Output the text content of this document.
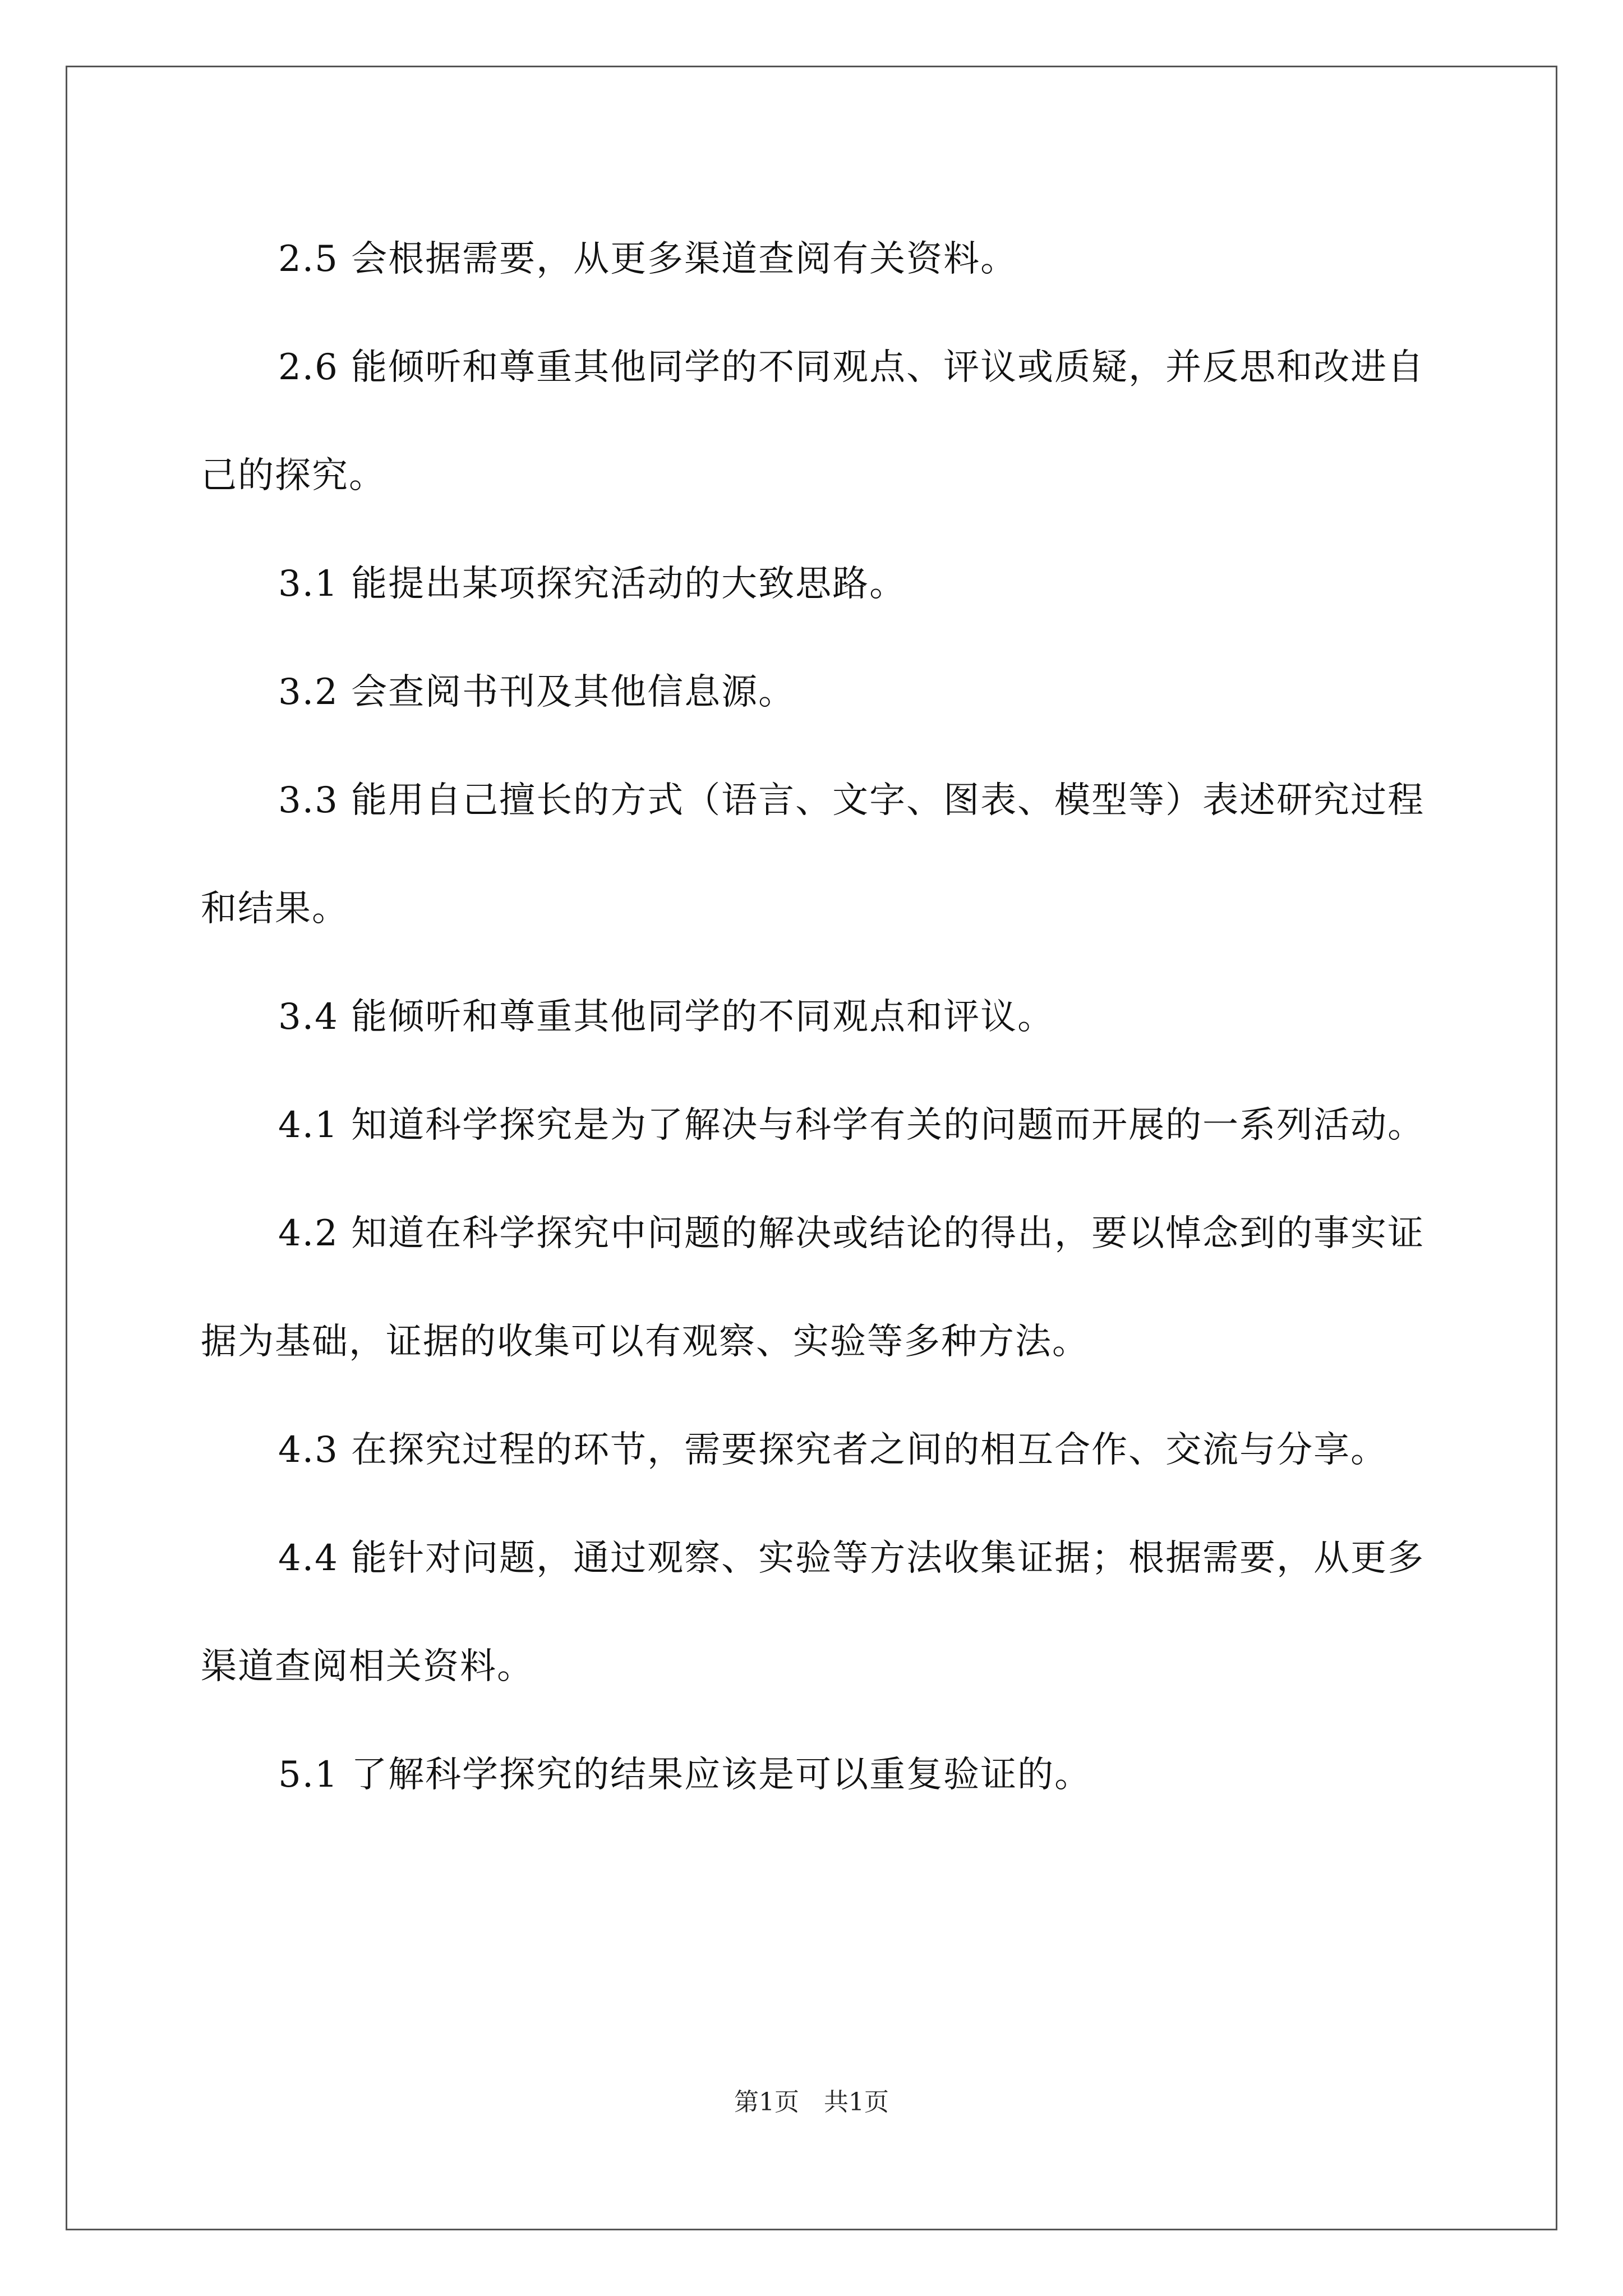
2.5 会根据需要，从更多渠道查阅有关资料。

2.6 能倾听和尊重其他同学的不同观点、评议或质疑，并反思和改进自己的探究。

3.1 能提出某项探究活动的大致思路。

3.2 会查阅书刊及其他信息源。

3.3 能用自己擅长的方式（语言、文字、图表、模型等）表述研究过程和结果。

3.4 能倾听和尊重其他同学的不同观点和评议。

4.1 知道科学探究是为了解决与科学有关的问题而开展的一系列活动。

4.2 知道在科学探究中问题的解决或结论的得出，要以悼念到的事实证据为基础，证据的收集可以有观察、实验等多种方法。

4.3 在探究过程的环节，需要探究者之间的相互合作、交流与分享。

4.4 能针对问题，通过观察、实验等方法收集证据；根据需要，从更多渠道查阅相关资料。

5.1 了解科学探究的结果应该是可以重复验证的。

第1页　共1页
